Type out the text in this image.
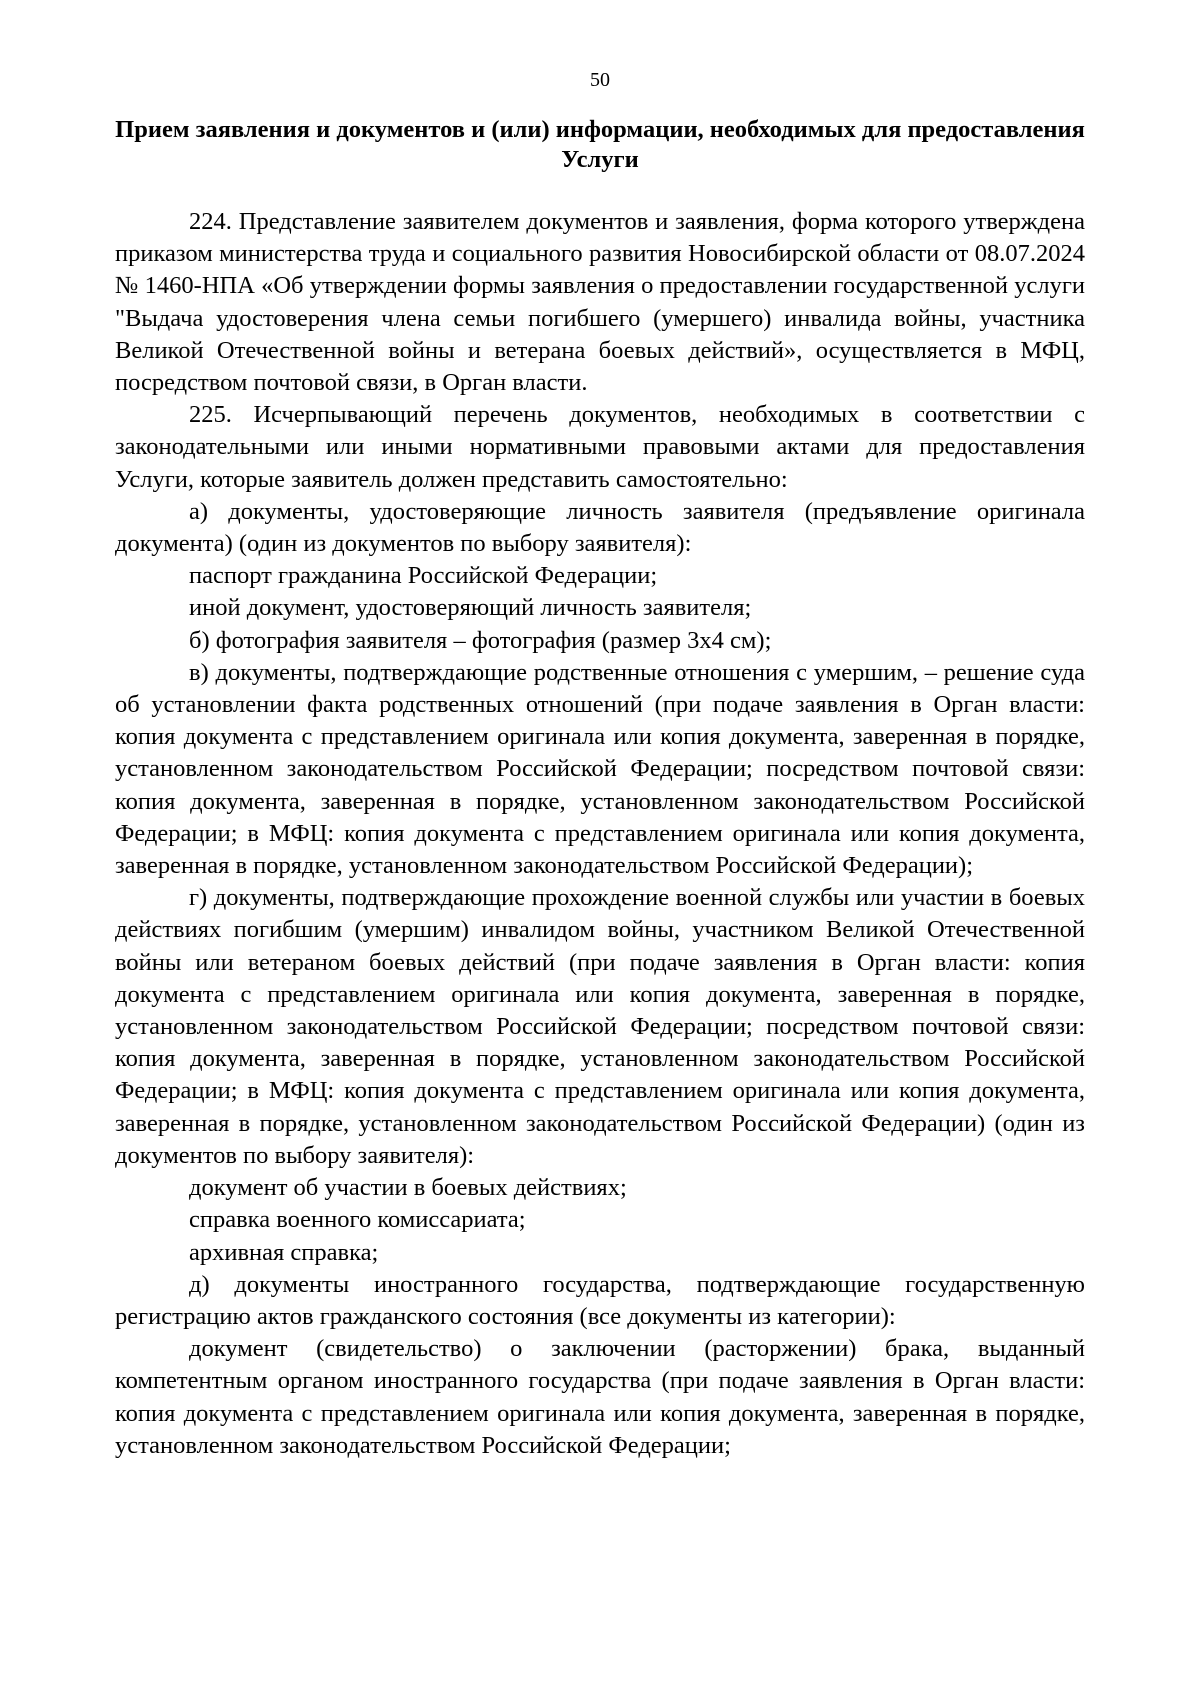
50
Прием заявления и документов и (или) информации, необходимых для предоставления Услуги

224. Представление заявителем документов и заявления, форма которого утверждена приказом министерства труда и социального развития Новосибирской области от 08.07.2024 № 1460-НПА «Об утверждении формы заявления о предоставлении государственной услуги "Выдача удостоверения члена семьи погибшего (умершего) инвалида войны, участника Великой Отечественной войны и ветерана боевых действий», осуществляется в МФЦ, посредством почтовой связи, в Орган власти.

225. Исчерпывающий перечень документов, необходимых в соответствии с законодательными или иными нормативными правовыми актами для предоставления Услуги, которые заявитель должен представить самостоятельно:

а) документы, удостоверяющие личность заявителя (предъявление оригинала документа) (один из документов по выбору заявителя):

паспорт гражданина Российской Федерации;

иной документ, удостоверяющий личность заявителя;

б) фотография заявителя – фотография (размер 3x4 см);

в) документы, подтверждающие родственные отношения с умершим, – решение суда об установлении факта родственных отношений (при подаче заявления в Орган власти: копия документа с представлением оригинала или копия документа, заверенная в порядке, установленном законодательством Российской Федерации; посредством почтовой связи: копия документа, заверенная в порядке, установленном законодательством Российской Федерации; в МФЦ: копия документа с представлением оригинала или копия документа, заверенная в порядке, установленном законодательством Российской Федерации);

г) документы, подтверждающие прохождение военной службы или участии в боевых действиях погибшим (умершим) инвалидом войны, участником Великой Отечественной войны или ветераном боевых действий (при подаче заявления в Орган власти: копия документа с представлением оригинала или копия документа, заверенная в порядке, установленном законодательством Российской Федерации; посредством почтовой связи: копия документа, заверенная в порядке, установленном законодательством Российской Федерации; в МФЦ: копия документа с представлением оригинала или копия документа, заверенная в порядке, установленном законодательством Российской Федерации) (один из документов по выбору заявителя):

документ об участии в боевых действиях;

справка военного комиссариата;

архивная справка;

д) документы иностранного государства, подтверждающие государственную регистрацию актов гражданского состояния (все документы из категории):

документ (свидетельство) о заключении (расторжении) брака, выданный компетентным органом иностранного государства (при подаче заявления в Орган власти: копия документа с представлением оригинала или копия документа, заверенная в порядке, установленном законодательством Российской Федерации;
